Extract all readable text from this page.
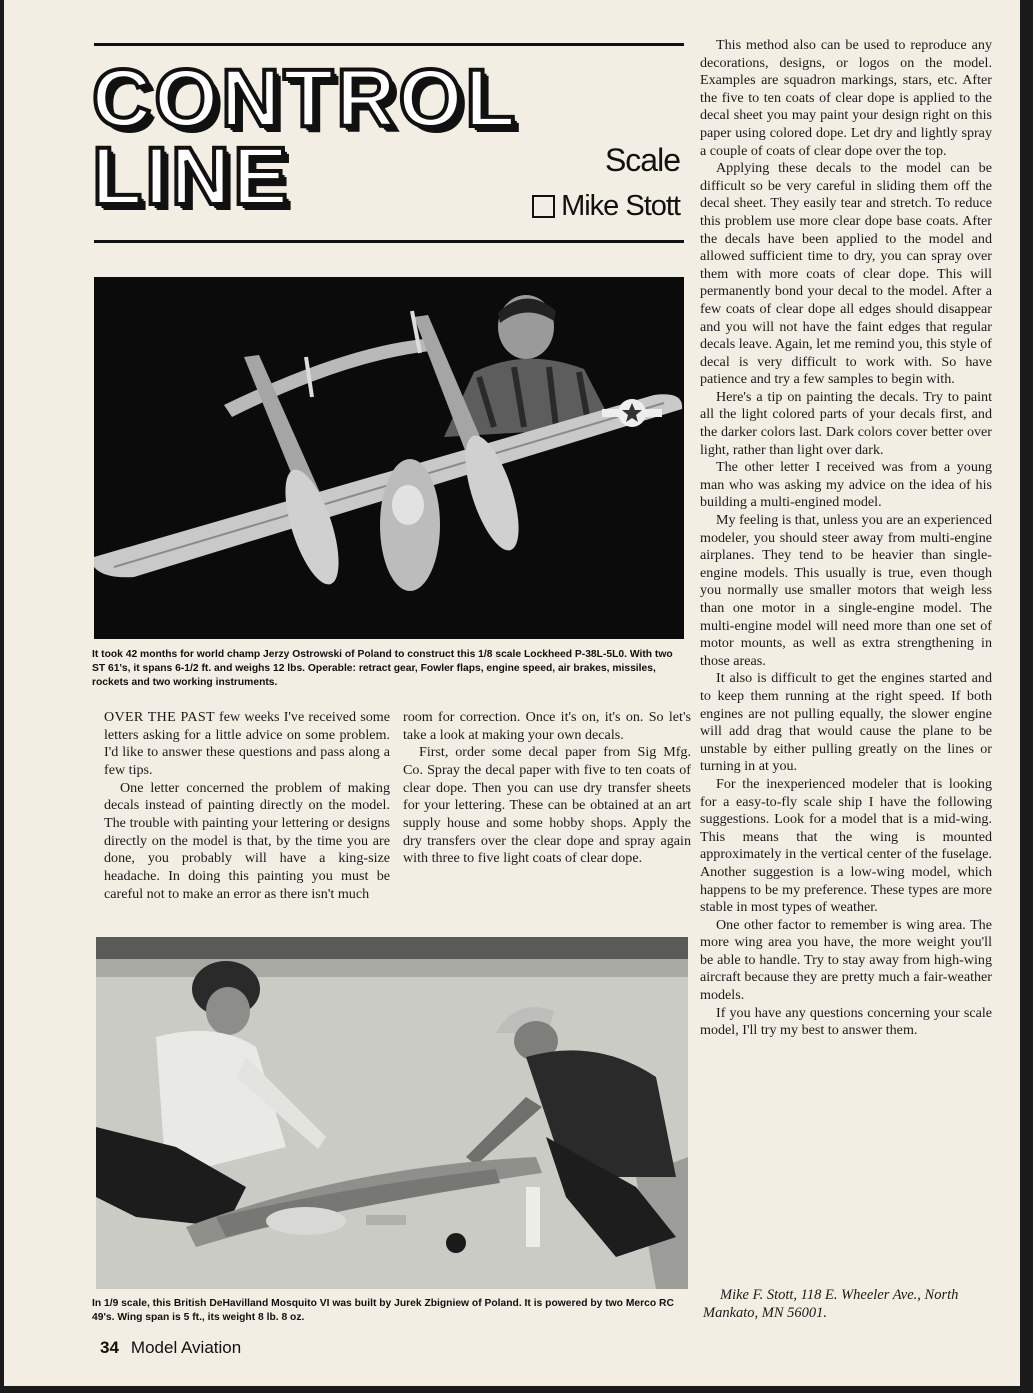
CONTROL
LINE	Scale
Mike Stott

It took 42 months for world champ Jerzy Ostrowski of Poland to construct this 1/8 scale Lockheed P-38L-5L0. With two ST 61's, it spans 6-1/2 ft. and weighs 12 lbs. Operable: retract gear, Fowler flaps, engine speed, air brakes, missiles, rockets and two working instruments.

OVER THE PAST few weeks I've received some letters asking for a little advice on some problem. I'd like to answer these questions and pass along a few tips.

One letter concerned the problem of making decals instead of painting directly on the model. The trouble with painting your lettering or designs directly on the model is that, by the time you are done, you probably will have a king-size headache. In doing this painting you must be careful not to make an error as there isn't much

room for correction. Once it's on, it's on. So let's take a look at making your own decals.

First, order some decal paper from Sig Mfg. Co. Spray the decal paper with five to ten coats of clear dope. Then you can use dry transfer sheets for your lettering. These can be obtained at an art supply house and some hobby shops. Apply the dry transfers over the clear dope and spray again with three to five light coats of clear dope.

This method also can be used to reproduce any decorations, designs, or logos on the model. Examples are squadron markings, stars, etc. After the five to ten coats of clear dope is applied to the decal sheet you may paint your design right on this paper using colored dope. Let dry and lightly spray a couple of coats of clear dope over the top.

Applying these decals to the model can be difficult so be very careful in sliding them off the decal sheet. They easily tear and stretch. To reduce this problem use more clear dope base coats. After the decals have been applied to the model and allowed sufficient time to dry, you can spray over them with more coats of clear dope. This will permanently bond your decal to the model. After a few coats of clear dope all edges should disappear and you will not have the faint edges that regular decals leave. Again, let me remind you, this style of decal is very difficult to work with. So have patience and try a few samples to begin with.

Here's a tip on painting the decals. Try to paint all the light colored parts of your decals first, and the darker colors last. Dark colors cover better over light, rather than light over dark.

The other letter I received was from a young man who was asking my advice on the idea of his building a multi-engined model.

My feeling is that, unless you are an experienced modeler, you should steer away from multi-engine airplanes. They tend to be heavier than single-engine models. This usually is true, even though you normally use smaller motors that weigh less than one motor in a single-engine model. The multi-engine model will need more than one set of motor mounts, as well as extra strengthening in those areas.

It also is difficult to get the engines started and to keep them running at the right speed. If both engines are not pulling equally, the slower engine will add drag that would cause the plane to be unstable by either pulling greatly on the lines or turning in at you.

For the inexperienced modeler that is looking for a easy-to-fly scale ship I have the following suggestions. Look for a model that is a mid-wing. This means that the wing is mounted approximately in the vertical center of the fuselage. Another suggestion is a low-wing model, which happens to be my preference. These types are more stable in most types of weather.

One other factor to remember is wing area. The more wing area you have, the more weight you'll be able to handle. Try to stay away from high-wing aircraft because they are pretty much a fair-weather models.

If you have any questions concerning your scale model, I'll try my best to answer them.

In 1/9 scale, this British DeHavilland Mosquito VI was built by Jurek Zbigniew of Poland. It is powered by two Merco RC 49's. Wing span is 5 ft., its weight 8 lb. 8 oz.

Mike F. Stott, 118 E. Wheeler Ave., North Mankato, MN 56001.

34 Model Aviation
